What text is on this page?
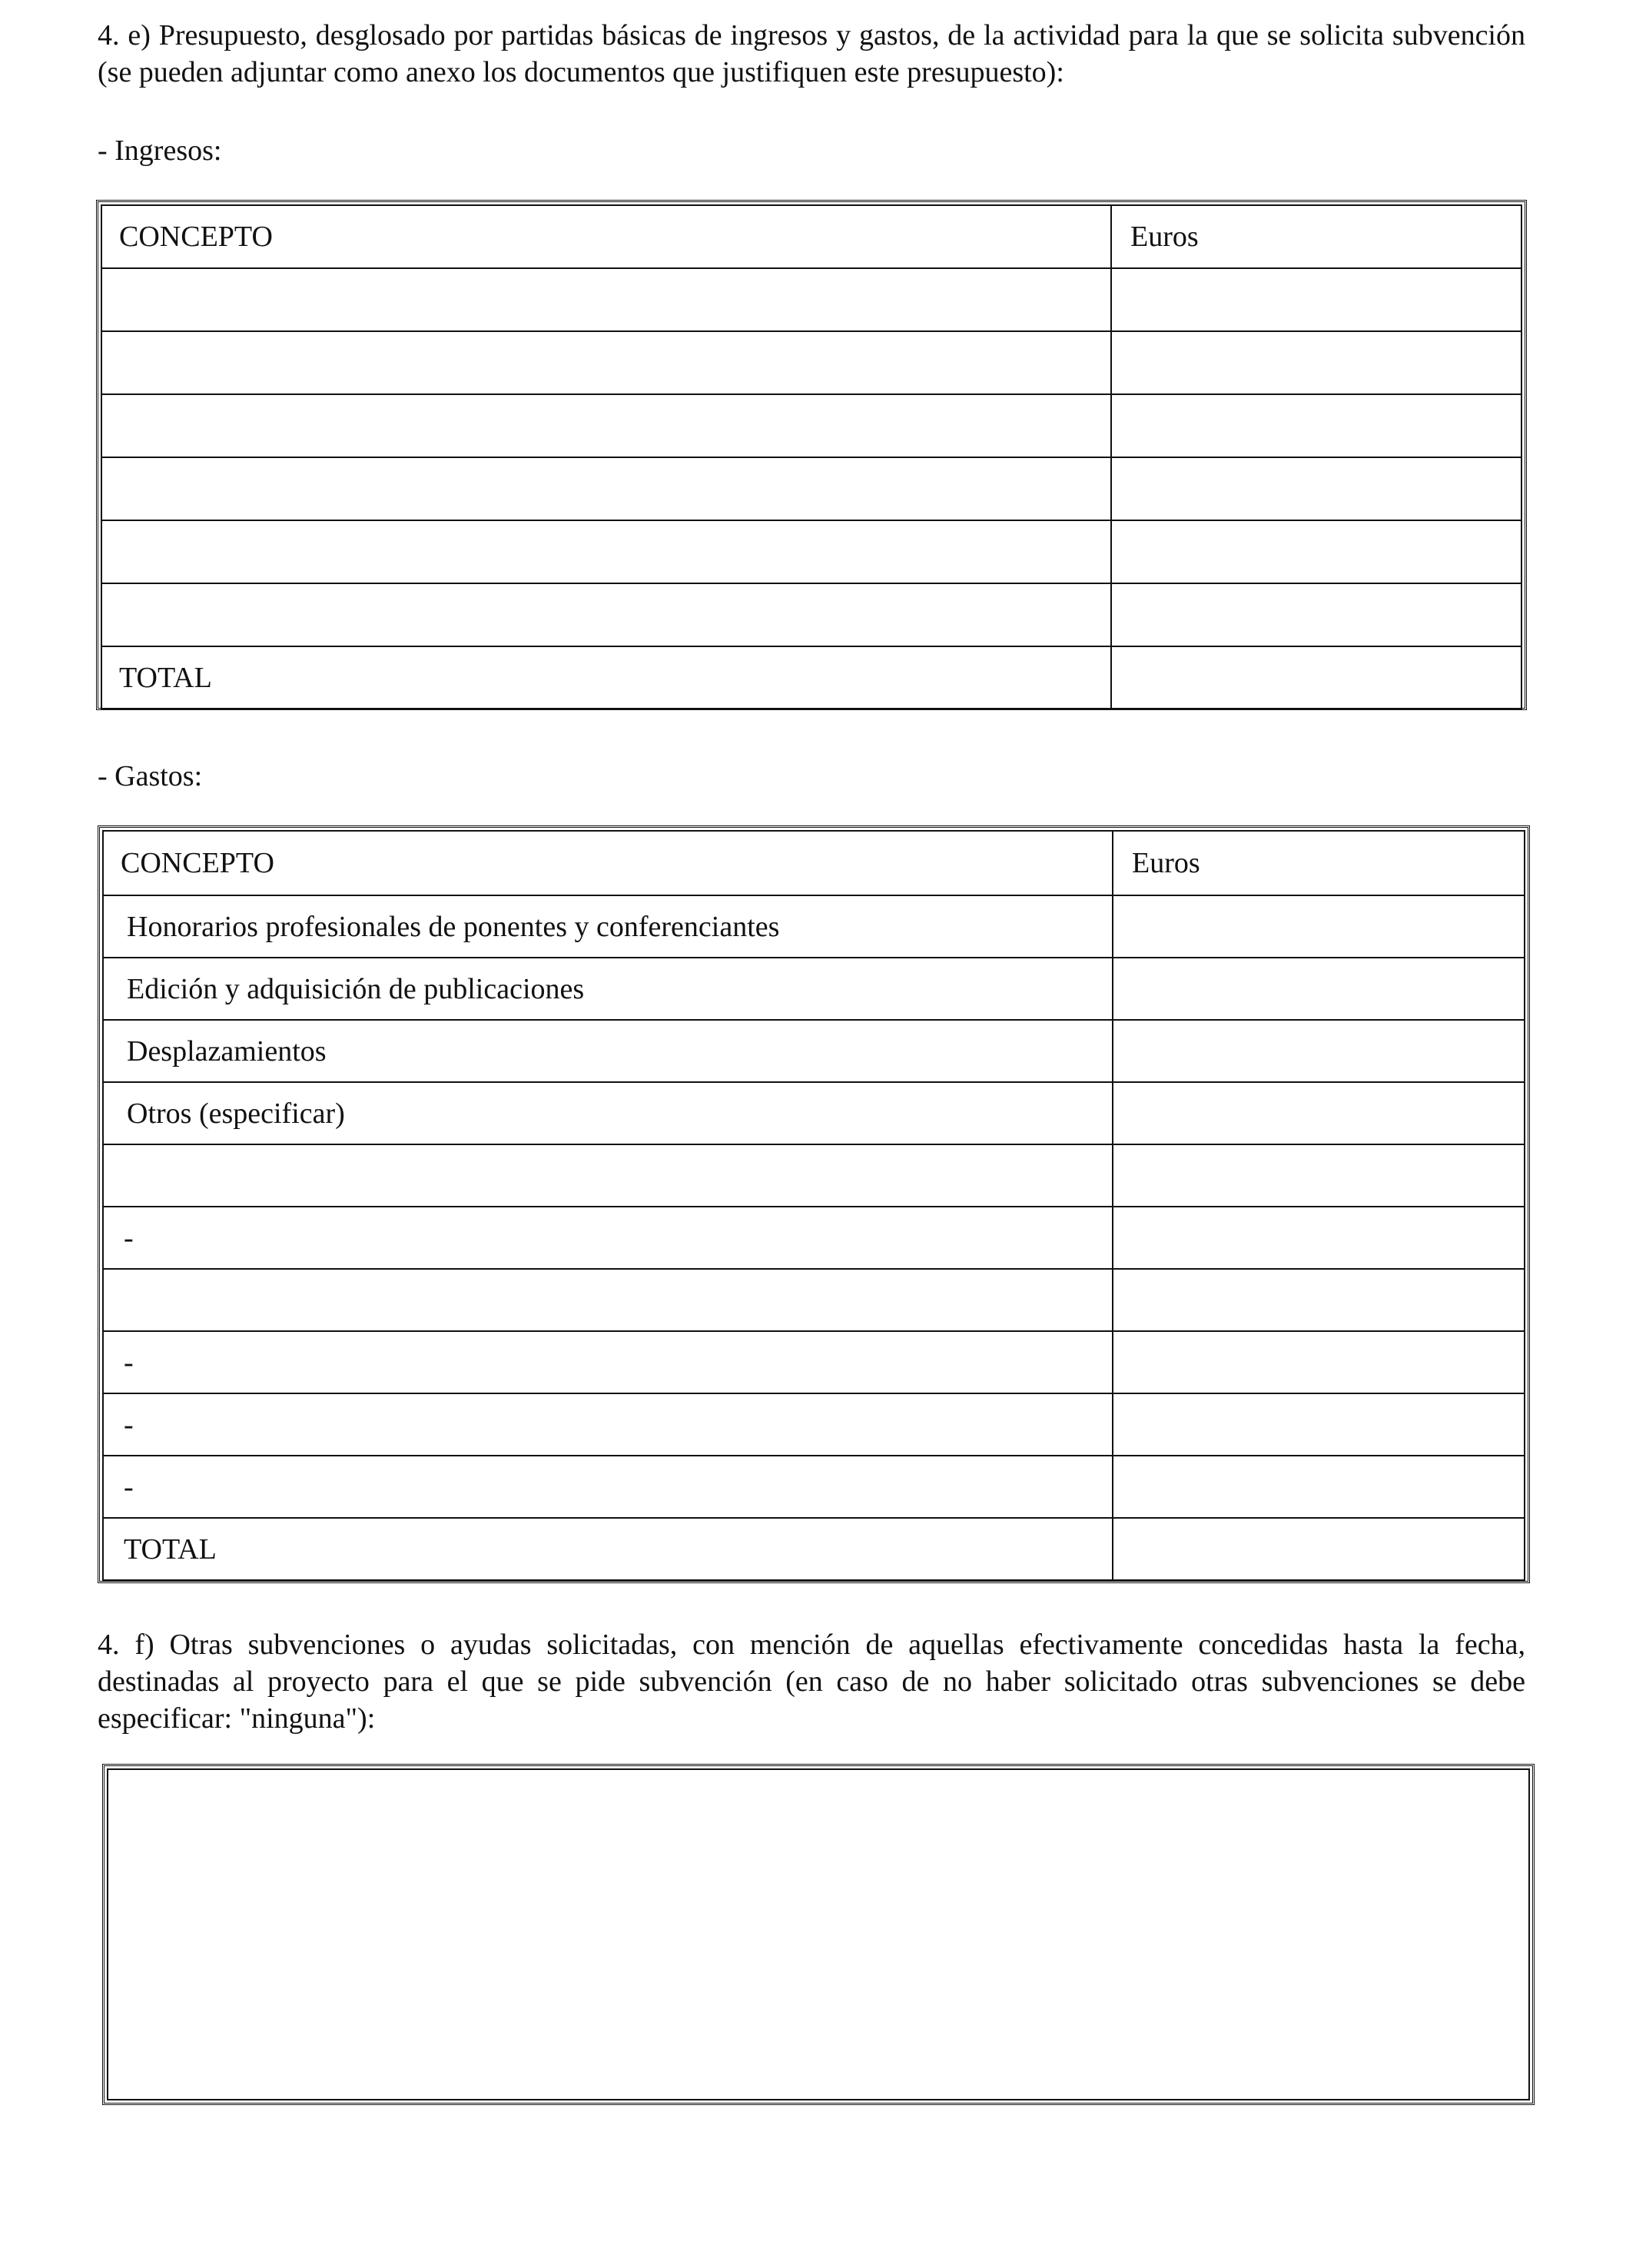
4. e) Presupuesto, desglosado por partidas básicas de ingresos y gastos, de la actividad para la que se solicita subvención (se pueden adjuntar como anexo los documentos que justifiquen este presupuesto):

- Ingresos:

CONCEPTO	Euros

TOTAL	

- Gastos:

CONCEPTO	Euros
Honorarios profesionales de ponentes y conferenciantes	
Edición y adquisición de publicaciones	
Desplazamientos	
Otros (especificar)	

-	

-	
-	
-	
TOTAL	

4. f) Otras subvenciones o ayudas solicitadas, con mención de aquellas efectivamente concedidas hasta la fecha, destinadas al proyecto para el que se pide subvención (en caso de no haber solicitado otras subvenciones se debe especificar: "ninguna"):
